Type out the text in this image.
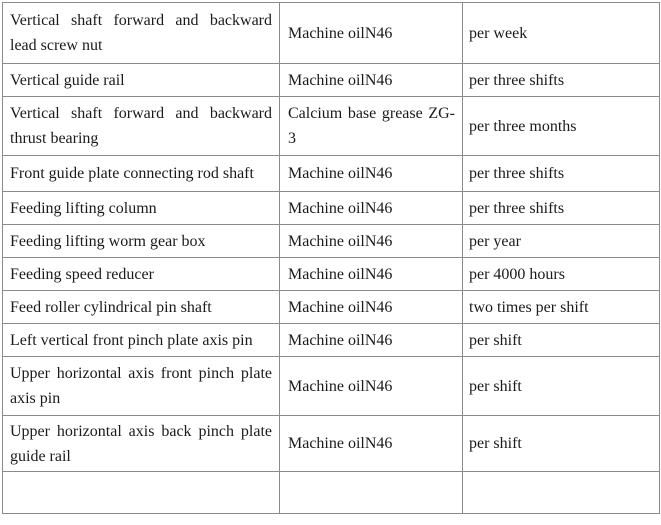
Vertical shaft forward and backward lead screw nut	Machine oilN46	per week
Vertical guide rail	Machine oilN46	per three shifts
Vertical shaft forward and backward thrust bearing	Calcium base grease ZG-3	per three months
Front guide plate connecting rod shaft	Machine oilN46	per three shifts
Feeding lifting column	Machine oilN46	per three shifts
Feeding lifting worm gear box	Machine oilN46	per year
Feeding speed reducer	Machine oilN46	per 4000 hours
Feed roller cylindrical pin shaft	Machine oilN46	two times per shift
Left vertical front pinch plate axis pin	Machine oilN46	per shift
Upper horizontal axis front pinch plate axis pin	Machine oilN46	per shift
Upper horizontal axis back pinch plate guide rail	Machine oilN46	per shift
